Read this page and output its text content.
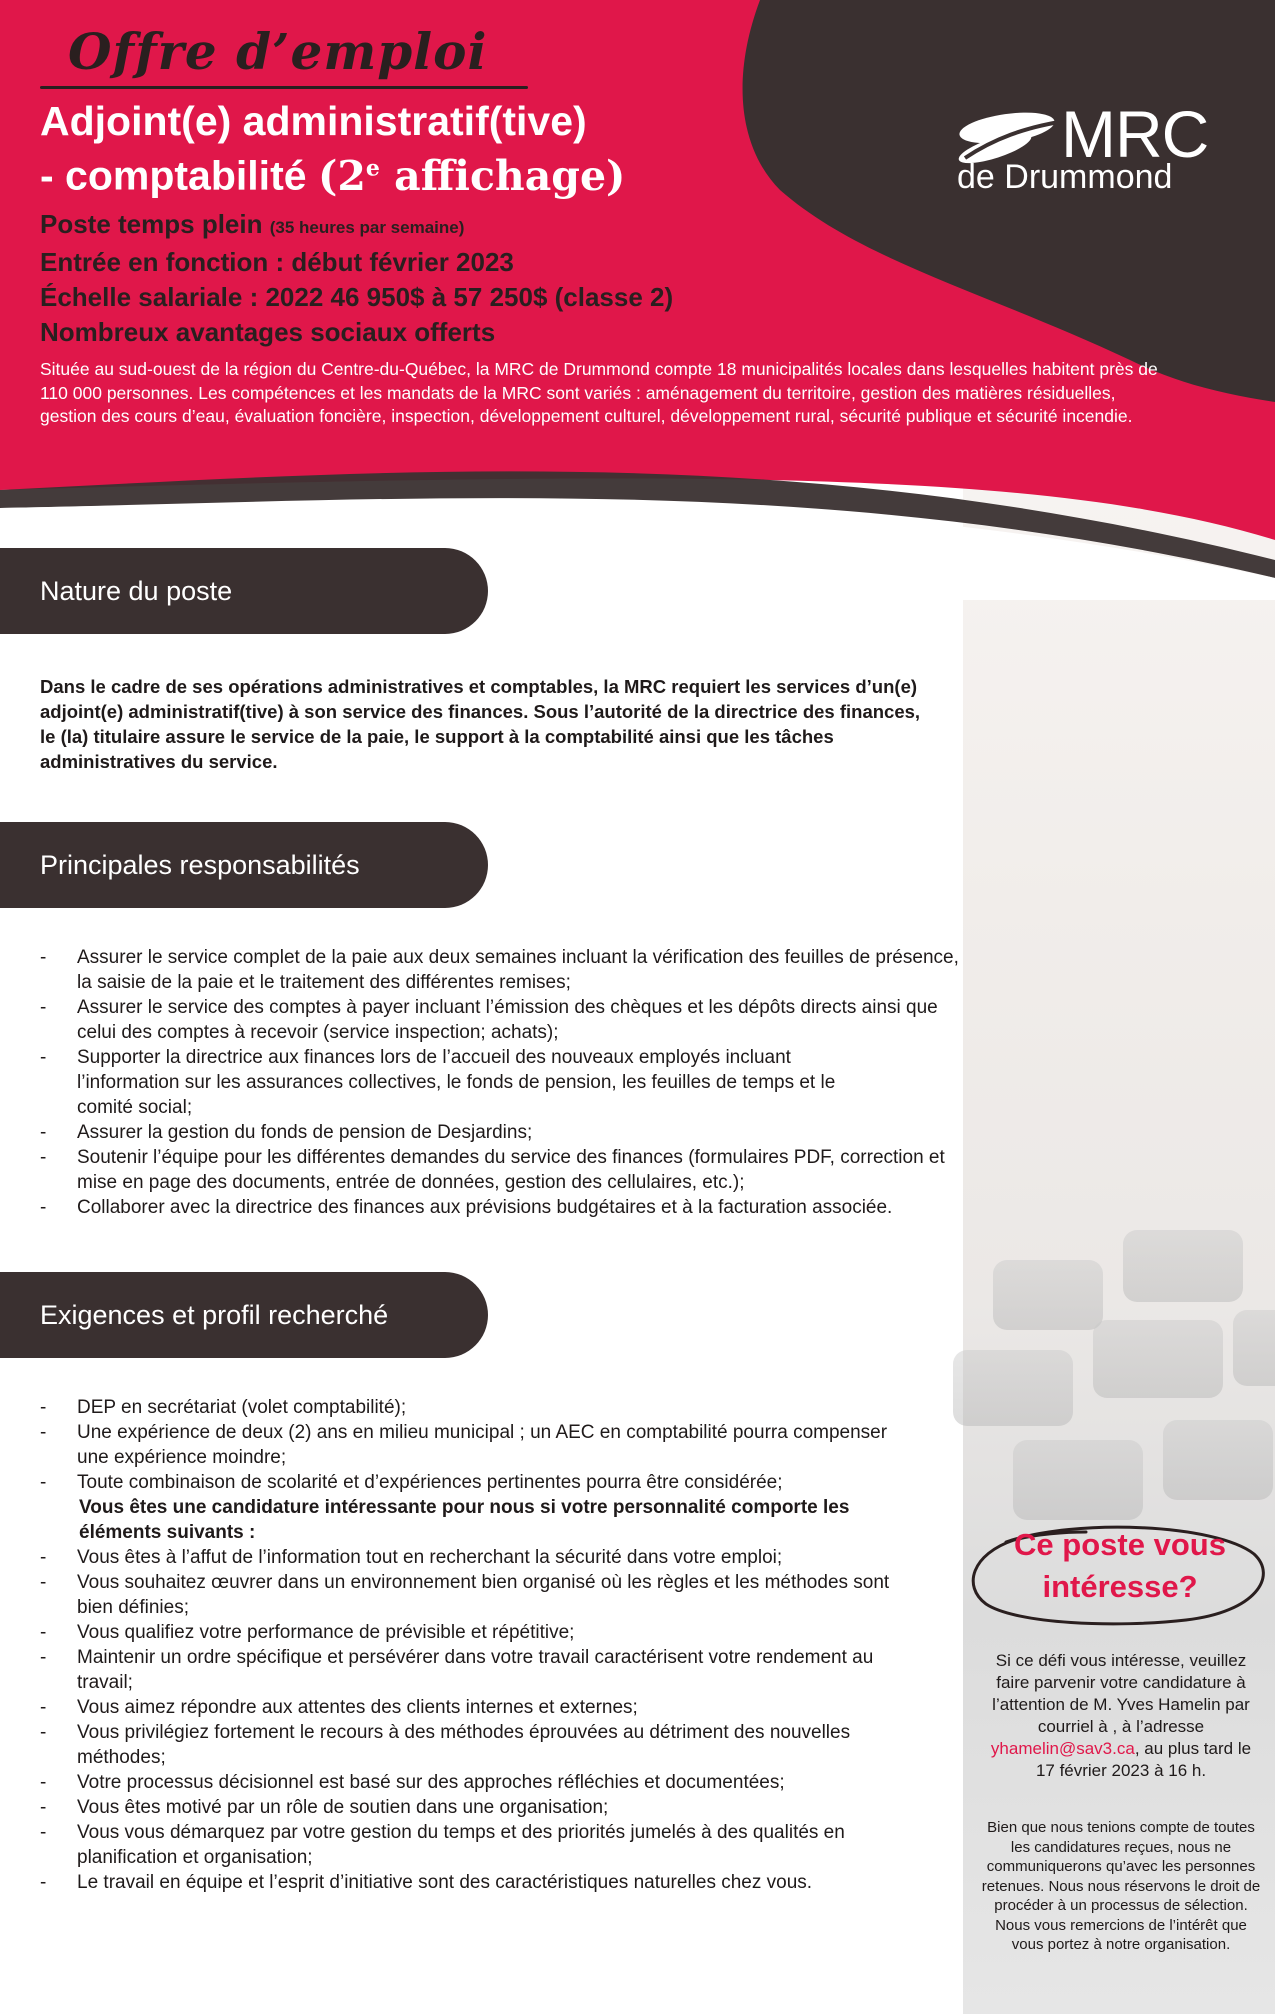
Offre d’emploi
Adjoint(e) administratif(tive)
- comptabilité (2e affichage)
Poste temps plein (35 heures par semaine)
Entrée en fonction : début février 2023
Échelle salariale : 2022 46 950$ à 57 250$ (classe 2)
Nombreux avantages sociaux offerts

Située au sud-ouest de la région du Centre-du-Québec, la MRC de Drummond compte 18 municipalités locales dans lesquelles habitent près de 110 000 personnes. Les compétences et les mandats de la MRC sont variés : aménagement du territoire, gestion des matières résiduelles, gestion des cours d’eau, évaluation foncière, inspection, développement culturel, développement rural, sécurité publique et sécurité incendie.

MRC
de Drummond
Nature du poste

Dans le cadre de ses opérations administratives et comptables, la MRC requiert les services d’un(e) adjoint(e) administratif(tive) à son service des finances. Sous l’autorité de la directrice des finances, le (la) titulaire assure le service de la paie, le support à la comptabilité ainsi que les tâches administratives du service.

Principales responsabilités
- Assurer le service complet de la paie aux deux semaines incluant la vérification des feuilles de présence, la saisie de la paie et le traitement des différentes remises;
- Assurer le service des comptes à payer incluant l’émission des chèques et les dépôts directs ainsi que celui des comptes à recevoir (service inspection; achats);
- Supporter la directrice aux finances lors de l’accueil des nouveaux employés incluant l’information sur les assurances collectives, le fonds de pension, les feuilles de temps et le comité social;
- Assurer la gestion du fonds de pension de Desjardins;
- Soutenir l’équipe pour les différentes demandes du service des finances (formulaires PDF, correction et mise en page des documents, entrée de données, gestion des cellulaires, etc.);
- Collaborer avec la directrice des finances aux prévisions budgétaires et à la facturation associée.
Exigences et profil recherché
- DEP en secrétariat (volet comptabilité);
- Une expérience de deux (2) ans en milieu municipal ; un AEC en comptabilité pourra compenser une expérience moindre;
- Toute combinaison de scolarité et d’expériences pertinentes pourra être considérée;
Vous êtes une candidature intéressante pour nous si votre personnalité comporte les éléments suivants :
- Vous êtes à l’affut de l’information tout en recherchant la sécurité dans votre emploi;
- Vous souhaitez œuvrer dans un environnement bien organisé où les règles et les méthodes sont bien définies;
- Vous qualifiez votre performance de prévisible et répétitive;
- Maintenir un ordre spécifique et persévérer dans votre travail caractérisent votre rendement au travail;
- Vous aimez répondre aux attentes des clients internes et externes;
- Vous privilégiez fortement le recours à des méthodes éprouvées au détriment des nouvelles méthodes;
- Votre processus décisionnel est basé sur des approches réfléchies et documentées;
- Vous êtes motivé par un rôle de soutien dans une organisation;
- Vous vous démarquez par votre gestion du temps et des priorités jumelés à des qualités en planification et organisation;
- Le travail en équipe et l’esprit d’initiative sont des caractéristiques naturelles chez vous.
Ce poste vous
intéresse?

Si ce défi vous intéresse, veuillez faire parvenir votre candidature à l’attention de M. Yves Hamelin par courriel à , à l’adresse yhamelin@sav3.ca, au plus tard le 17 février 2023 à 16 h.

Bien que nous tenions compte de toutes les candidatures reçues, nous ne communiquerons qu’avec les personnes retenues. Nous nous réservons le droit de procéder à un processus de sélection. Nous vous remercions de l’intérêt que vous portez à notre organisation.
